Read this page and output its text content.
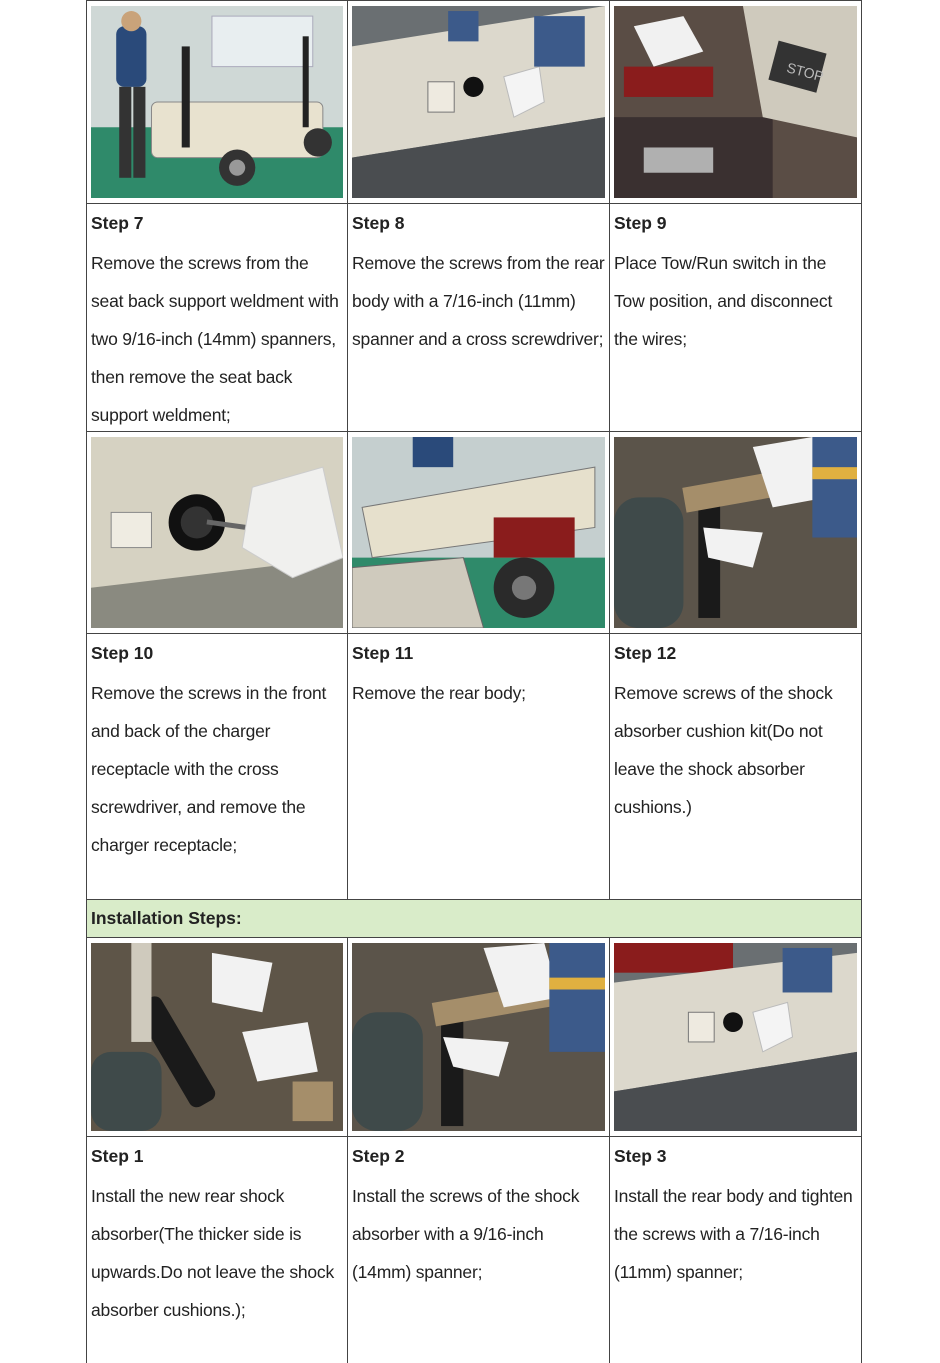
STOP
Step 7
Remove the screws from the seat back support weldment with two 9/16-inch (14mm) spanners, then remove the seat back support weldment;
Step 8
Remove the screws from the rear body with a 7/16-inch (11mm) spanner and a cross screwdriver;
Step 9
Place Tow/Run switch in the Tow position, and disconnect the wires;
Step 10
Remove the screws in the front and back of the charger receptacle with the cross screwdriver, and remove the charger receptacle;
Step 11
Remove the rear body;
Step 12
Remove screws of the shock absorber cushion kit(Do not leave the shock absorber cushions.)
Installation Steps:
Step 1
Install the new rear shock absorber(The thicker side is upwards.Do not leave the shock absorber cushions.);
Step 2
Install the screws of the shock absorber with a 9/16-inch (14mm) spanner;
Step 3
Install the rear body and tighten the screws with a 7/16-inch (11mm) spanner;
